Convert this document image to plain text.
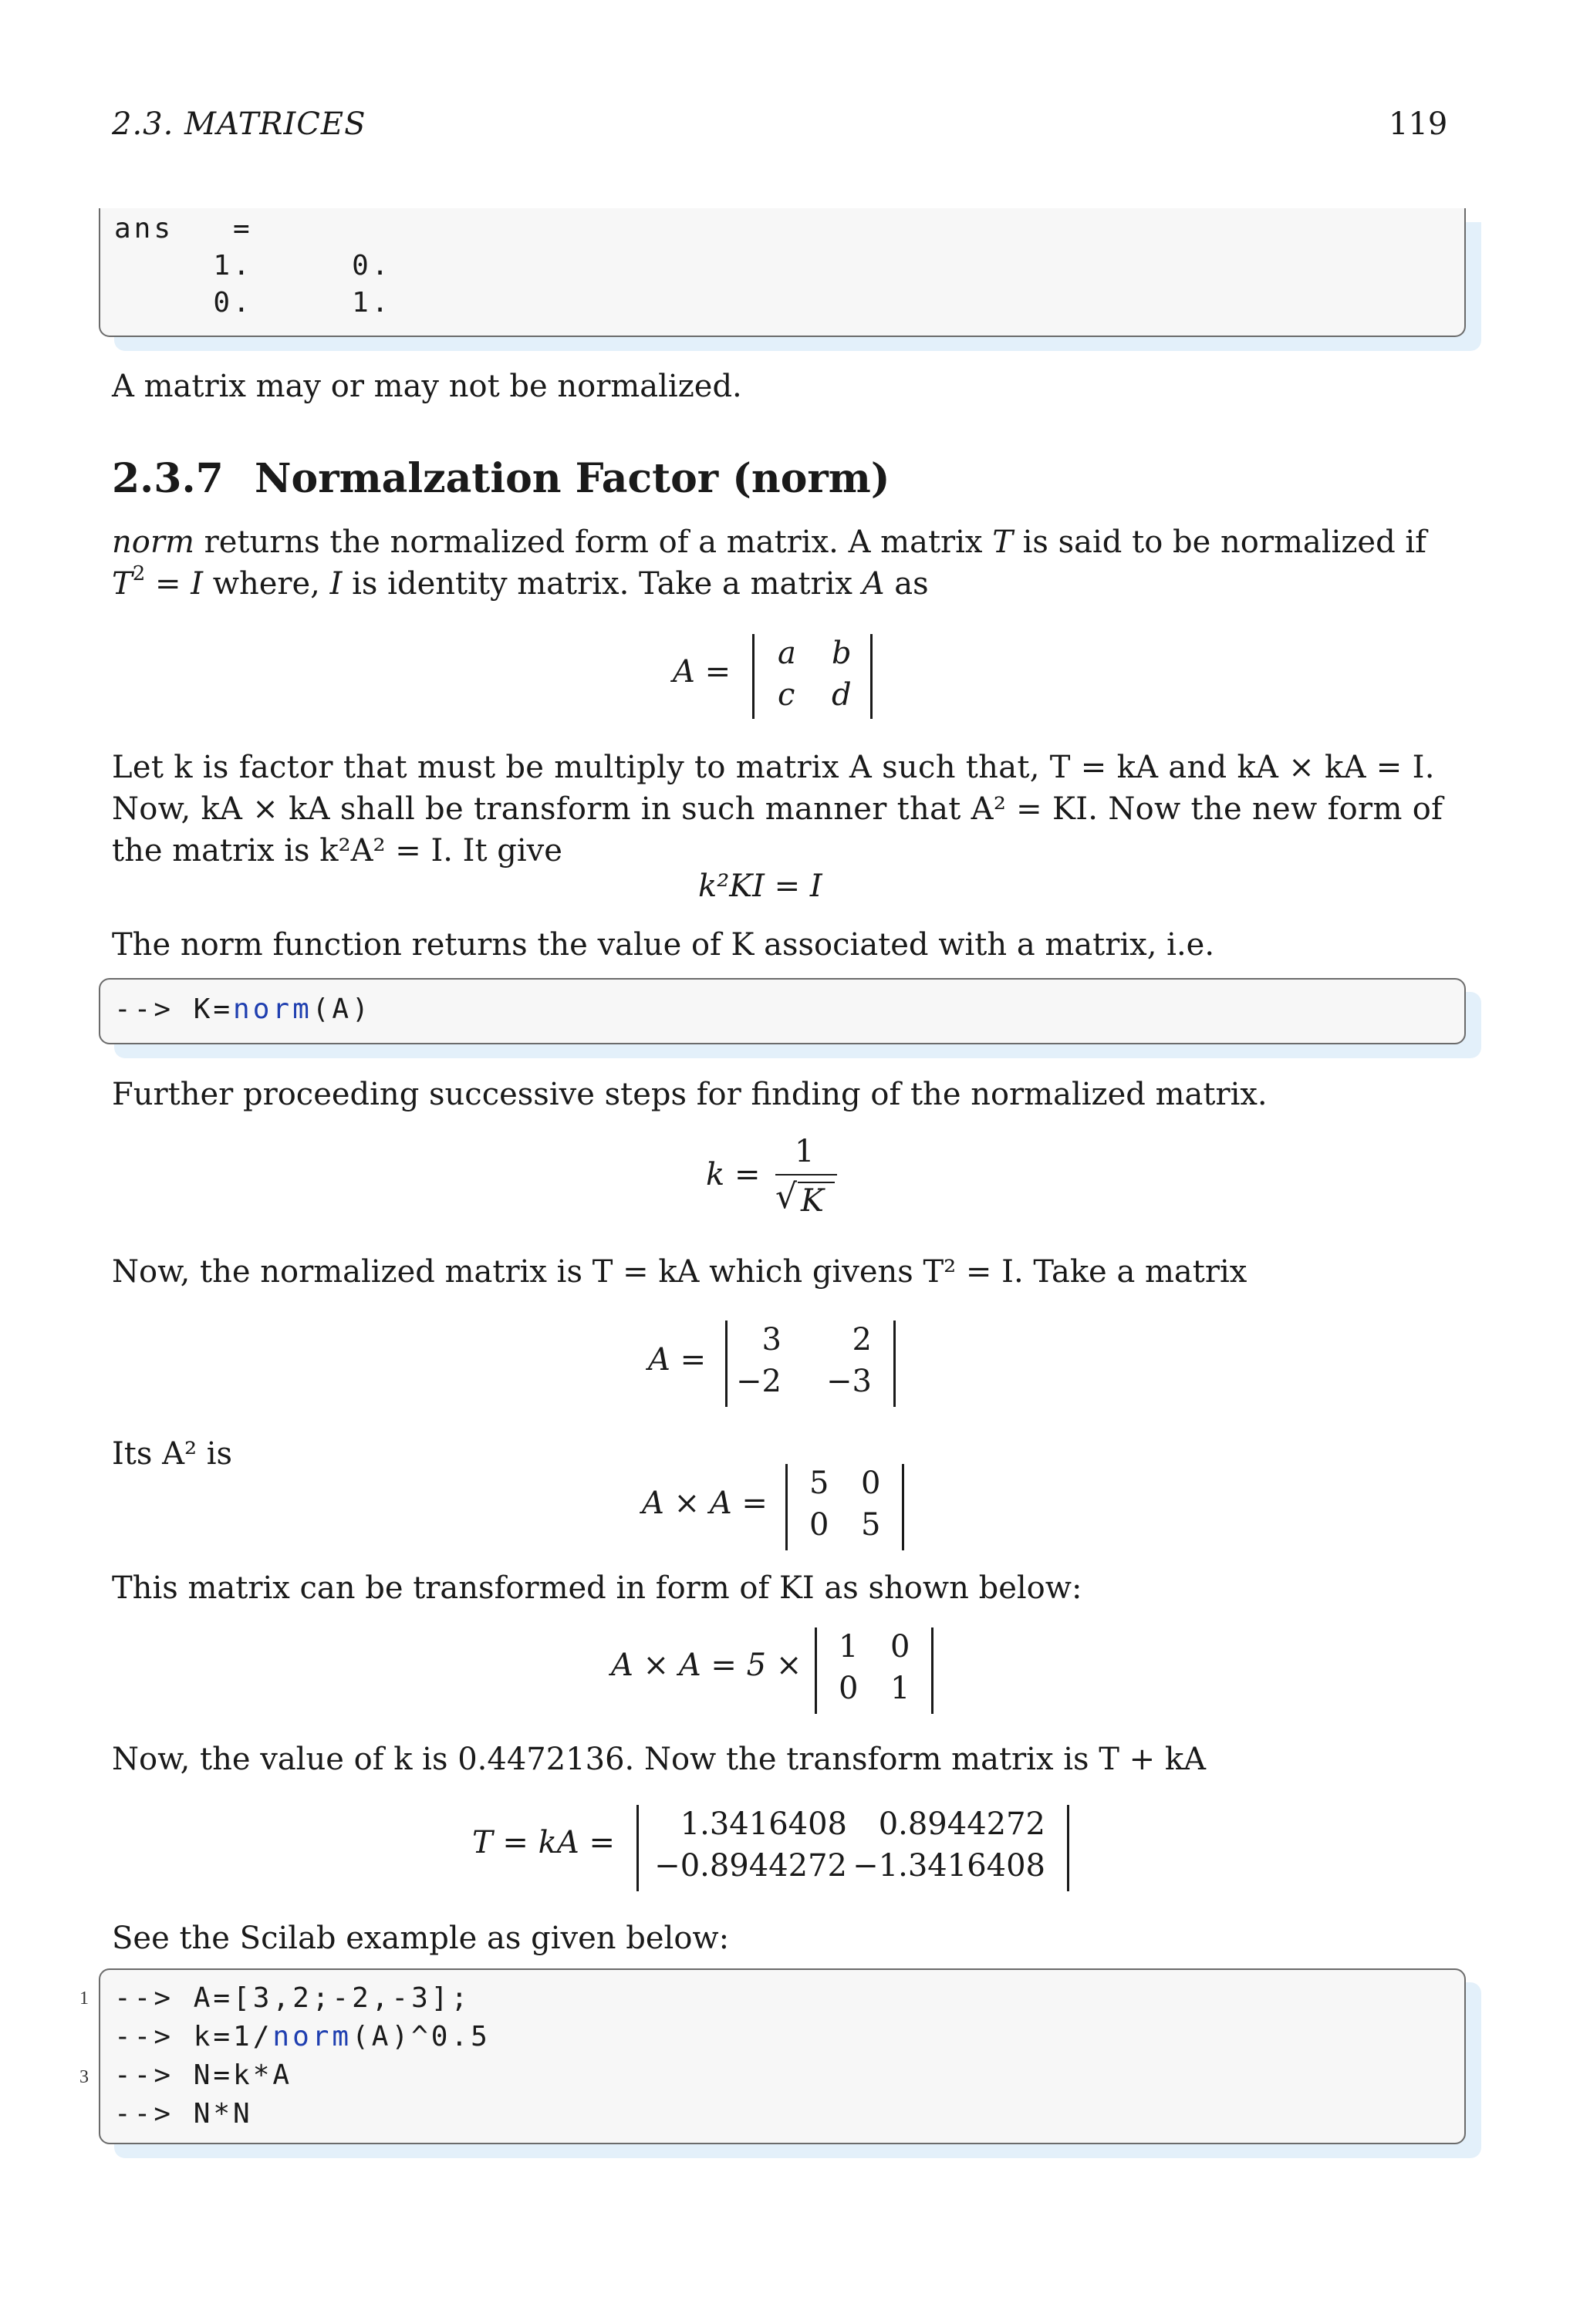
2.3. MATRICES	119
ans   =
1.     0.
0.     1.
A matrix may or may not be normalized.
2.3.7 Normalzation Factor (norm)
norm returns the normalized form of a matrix. A matrix T is said to be normalized if
$T^2 = I$ where, I is identity matrix. Take a matrix A as
A =
a b
c d
Let k is factor that must be multiply to matrix A such that, T = kA and kA × kA = I.
Now, kA × kA shall be transform in such manner that A² = KI. Now the new form of
the matrix is k²A² = I. It give
k²KI = I
The norm function returns the value of K associated with a matrix, i.e.
--> K=norm(A)
Further proceeding successive steps for finding of the normalized matrix.
k =
1
√ K
Now, the normalized matrix is T = kA which givens T² = I. Take a matrix
A =
3 2
−2 −3
Its A² is
A × A =
5 0
0 5
This matrix can be transformed in form of KI as shown below:
A × A = 5 ×
1 0
0 1
Now, the value of k is 0.4472136. Now the transform matrix is T + kA
T = kA =
1.3416408 0.8944272
−0.8944272 −1.3416408
See the Scilab example as given below:
1
3
--> A=[3,2;-2,-3];
--> k=1/norm(A)^0.5
--> N=k*A
--> N*N
